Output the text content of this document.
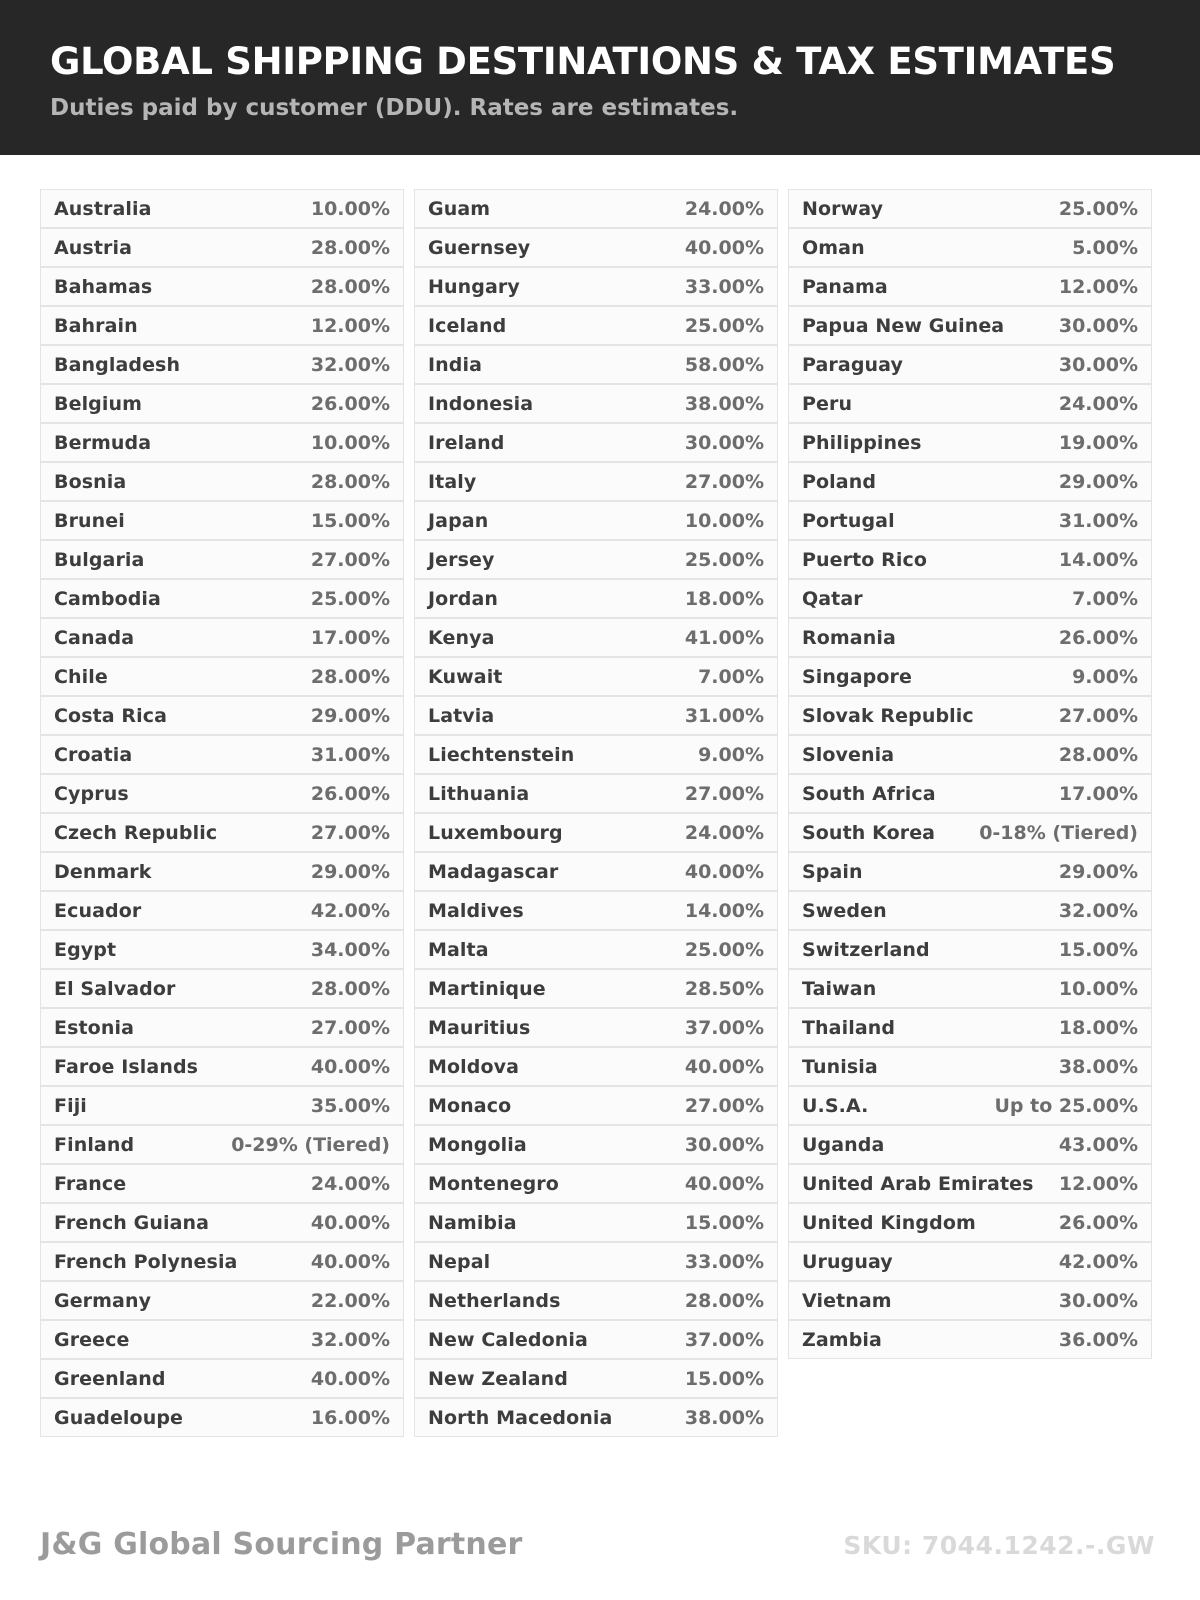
GLOBAL SHIPPING DESTINATIONS & TAX ESTIMATES
Duties paid by customer (DDU). Rates are estimates.
Australia	10.00%
Austria	28.00%
Bahamas	28.00%
Bahrain	12.00%
Bangladesh	32.00%
Belgium	26.00%
Bermuda	10.00%
Bosnia	28.00%
Brunei	15.00%
Bulgaria	27.00%
Cambodia	25.00%
Canada	17.00%
Chile	28.00%
Costa Rica	29.00%
Croatia	31.00%
Cyprus	26.00%
Czech Republic	27.00%
Denmark	29.00%
Ecuador	42.00%
Egypt	34.00%
El Salvador	28.00%
Estonia	27.00%
Faroe Islands	40.00%
Fiji	35.00%
Finland	0-29% (Tiered)
France	24.00%
French Guiana	40.00%
French Polynesia	40.00%
Germany	22.00%
Greece	32.00%
Greenland	40.00%
Guadeloupe	16.00%
Guam	24.00%
Guernsey	40.00%
Hungary	33.00%
Iceland	25.00%
India	58.00%
Indonesia	38.00%
Ireland	30.00%
Italy	27.00%
Japan	10.00%
Jersey	25.00%
Jordan	18.00%
Kenya	41.00%
Kuwait	7.00%
Latvia	31.00%
Liechtenstein	9.00%
Lithuania	27.00%
Luxembourg	24.00%
Madagascar	40.00%
Maldives	14.00%
Malta	25.00%
Martinique	28.50%
Mauritius	37.00%
Moldova	40.00%
Monaco	27.00%
Mongolia	30.00%
Montenegro	40.00%
Namibia	15.00%
Nepal	33.00%
Netherlands	28.00%
New Caledonia	37.00%
New Zealand	15.00%
North Macedonia	38.00%
Norway	25.00%
Oman	5.00%
Panama	12.00%
Papua New Guinea	30.00%
Paraguay	30.00%
Peru	24.00%
Philippines	19.00%
Poland	29.00%
Portugal	31.00%
Puerto Rico	14.00%
Qatar	7.00%
Romania	26.00%
Singapore	9.00%
Slovak Republic	27.00%
Slovenia	28.00%
South Africa	17.00%
South Korea 0-18% (Tiered)
Spain	29.00%
Sweden	32.00%
Switzerland	15.00%
Taiwan	10.00%
Thailand	18.00%
Tunisia	38.00%
U.S.A.	Up to 25.00%
Uganda	43.00%
United Arab Emirates 12.00%
United Kingdom	26.00%
Uruguay	42.00%
Vietnam	30.00%
Zambia	36.00%
J&G Global Sourcing Partner	SKU: 7044.1242.-.GW
